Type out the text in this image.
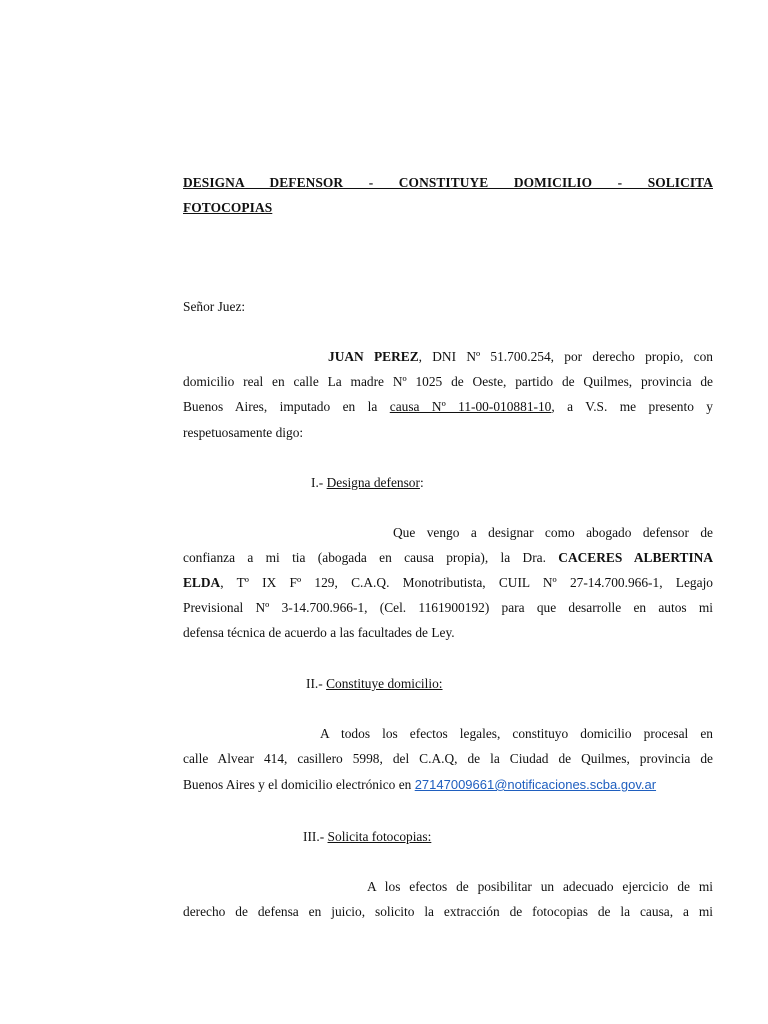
DESIGNA DEFENSOR - CONSTITUYE DOMICILIO - SOLICITA
FOTOCOPIAS
Señor Juez:
JUAN PEREZ, DNI Nº 51.700.254, por derecho propio, con
domicilio real en calle La madre Nº 1025 de Oeste, partido de Quilmes, provincia de
Buenos Aires, imputado en la causa Nº 11-00-010881-10, a V.S. me presento y
respetuosamente digo:
I.- Designa defensor:
Que vengo a designar como abogado defensor de
confianza a mi tia (abogada en causa propia), la Dra. CACERES ALBERTINA
ELDA, Tº IX Fº 129, C.A.Q. Monotributista, CUIL Nº 27-14.700.966-1, Legajo
Previsional Nº 3-14.700.966-1, (Cel. 1161900192) para que desarrolle en autos mi
defensa técnica de acuerdo a las facultades de Ley.
II.- Constituye domicilio:
A todos los efectos legales, constituyo domicilio procesal en
calle Alvear 414, casillero 5998, del C.A.Q, de la Ciudad de Quilmes, provincia de
Buenos Aires y el domicilio electrónico en 27147009661@notificaciones.scba.gov.ar
III.- Solicita fotocopias:
A los efectos de posibilitar un adecuado ejercicio de mi
derecho de defensa en juicio, solicito la extracción de fotocopias de la causa, a mi
